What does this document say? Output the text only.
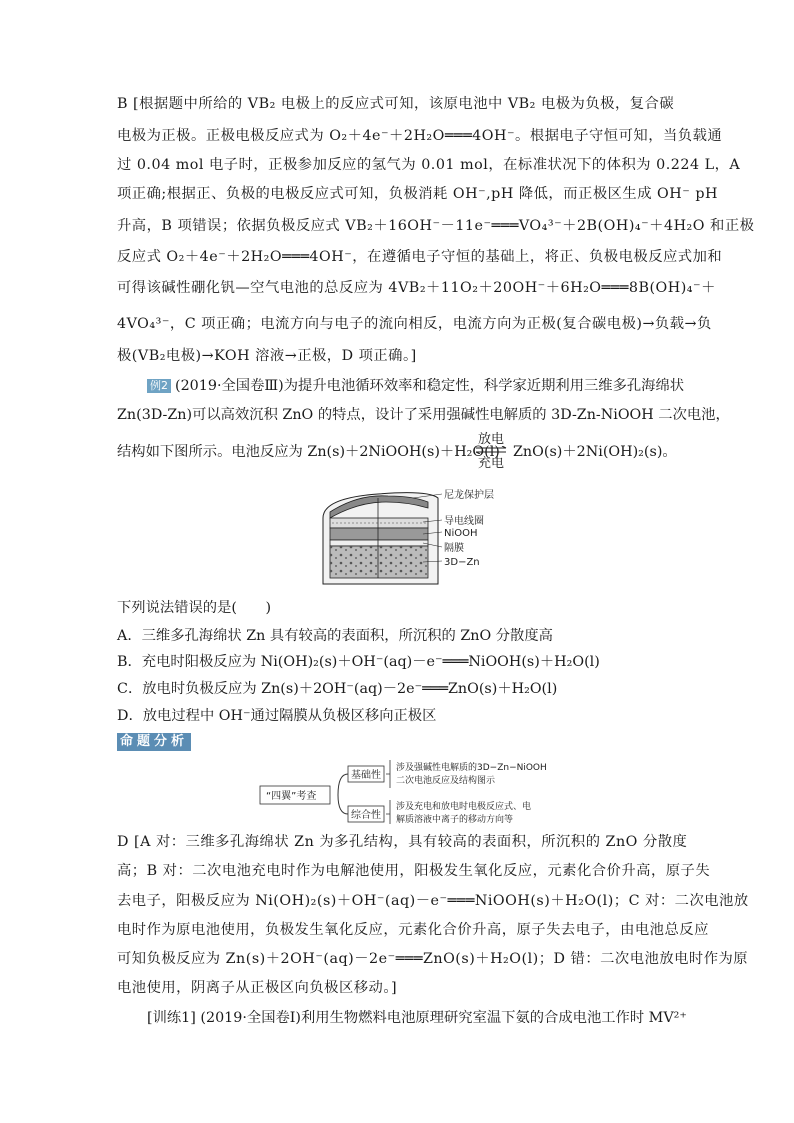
B [根据题中所给的 VB₂ 电极上的反应式可知，该原电池中 VB₂ 电极为负极，复合碳
电极为正极。正极电极反应式为 O₂＋4e⁻＋2H₂O═══4OH⁻。根据电子守恒可知，当负载通
过 0.04 mol 电子时，正极参加反应的氢气为 0.01 mol，在标准状况下的体积为 0.224 L，A
项正确;根据正、负极的电极反应式可知，负极消耗 OH⁻,pH 降低，而正极区生成 OH⁻ pH
升高，B 项错误；依据负极反应式 VB₂＋16OH⁻－11e⁻═══VO₄³⁻＋2B(OH)₄⁻＋4H₂O 和正极
反应式 O₂＋4e⁻＋2H₂O═══4OH⁻，在遵循电子守恒的基础上，将正、负极电极反应式加和
可得该碱性硼化钒—空气电池的总反应为 4VB₂＋11O₂＋20OH⁻＋6H₂O═══8B(OH)₄⁻＋
4VO₄³⁻，C 项正确；电流方向与电子的流向相反，电流方向为正极(复合碳电极)→负载→负
极(VB₂电极)→KOH 溶液→正极，D 项正确。]
例2 (2019·全国卷Ⅲ)为提升电池循环效率和稳定性，科学家近期利用三维多孔海绵状
Zn(3D-Zn)可以高效沉积 ZnO 的特点，设计了采用强碱性电解质的 3D-Zn-NiOOH 二次电池，
结构如下图所示。电池反应为 Zn(s)＋2NiOOH(s)＋H₂O(l)
放电
充电
ZnO(s)＋2Ni(OH)₂(s)。
尼龙保护层
导电线圈
NiOOH
隔膜
3D−Zn
下列说法错误的是(　　)
A．三维多孔海绵状 Zn 具有较高的表面积，所沉积的 ZnO 分散度高
B．充电时阳极反应为 Ni(OH)₂(s)＋OH⁻(aq)－e⁻═══NiOOH(s)＋H₂O(l)
C．放电时负极反应为 Zn(s)＋2OH⁻(aq)－2e⁻═══ZnO(s)＋H₂O(l)
D．放电过程中 OH⁻通过隔膜从负极区移向正极区
命题分析
“四翼”考查
基础性
综合性
涉及强碱性电解质的3D−Zn−NiOOH
二次电池反应及结构图示
涉及充电和放电时电极反应式、电
解质溶液中离子的移动方向等
D [A 对：三维多孔海绵状 Zn 为多孔结构，具有较高的表面积，所沉积的 ZnO 分散度
高；B 对：二次电池充电时作为电解池使用，阳极发生氧化反应，元素化合价升高，原子失
去电子，阳极反应为 Ni(OH)₂(s)＋OH⁻(aq)－e⁻═══NiOOH(s)＋H₂O(l)；C 对：二次电池放
电时作为原电池使用，负极发生氧化反应，元素化合价升高，原子失去电子，由电池总反应
可知负极反应为 Zn(s)＋2OH⁻(aq)－2e⁻═══ZnO(s)＋H₂O(l)；D 错：二次电池放电时作为原
电池使用，阴离子从正极区向负极区移动。]
[训练1] (2019·全国卷Ⅰ)利用生物燃料电池原理研究室温下氨的合成电池工作时 MV²⁺
